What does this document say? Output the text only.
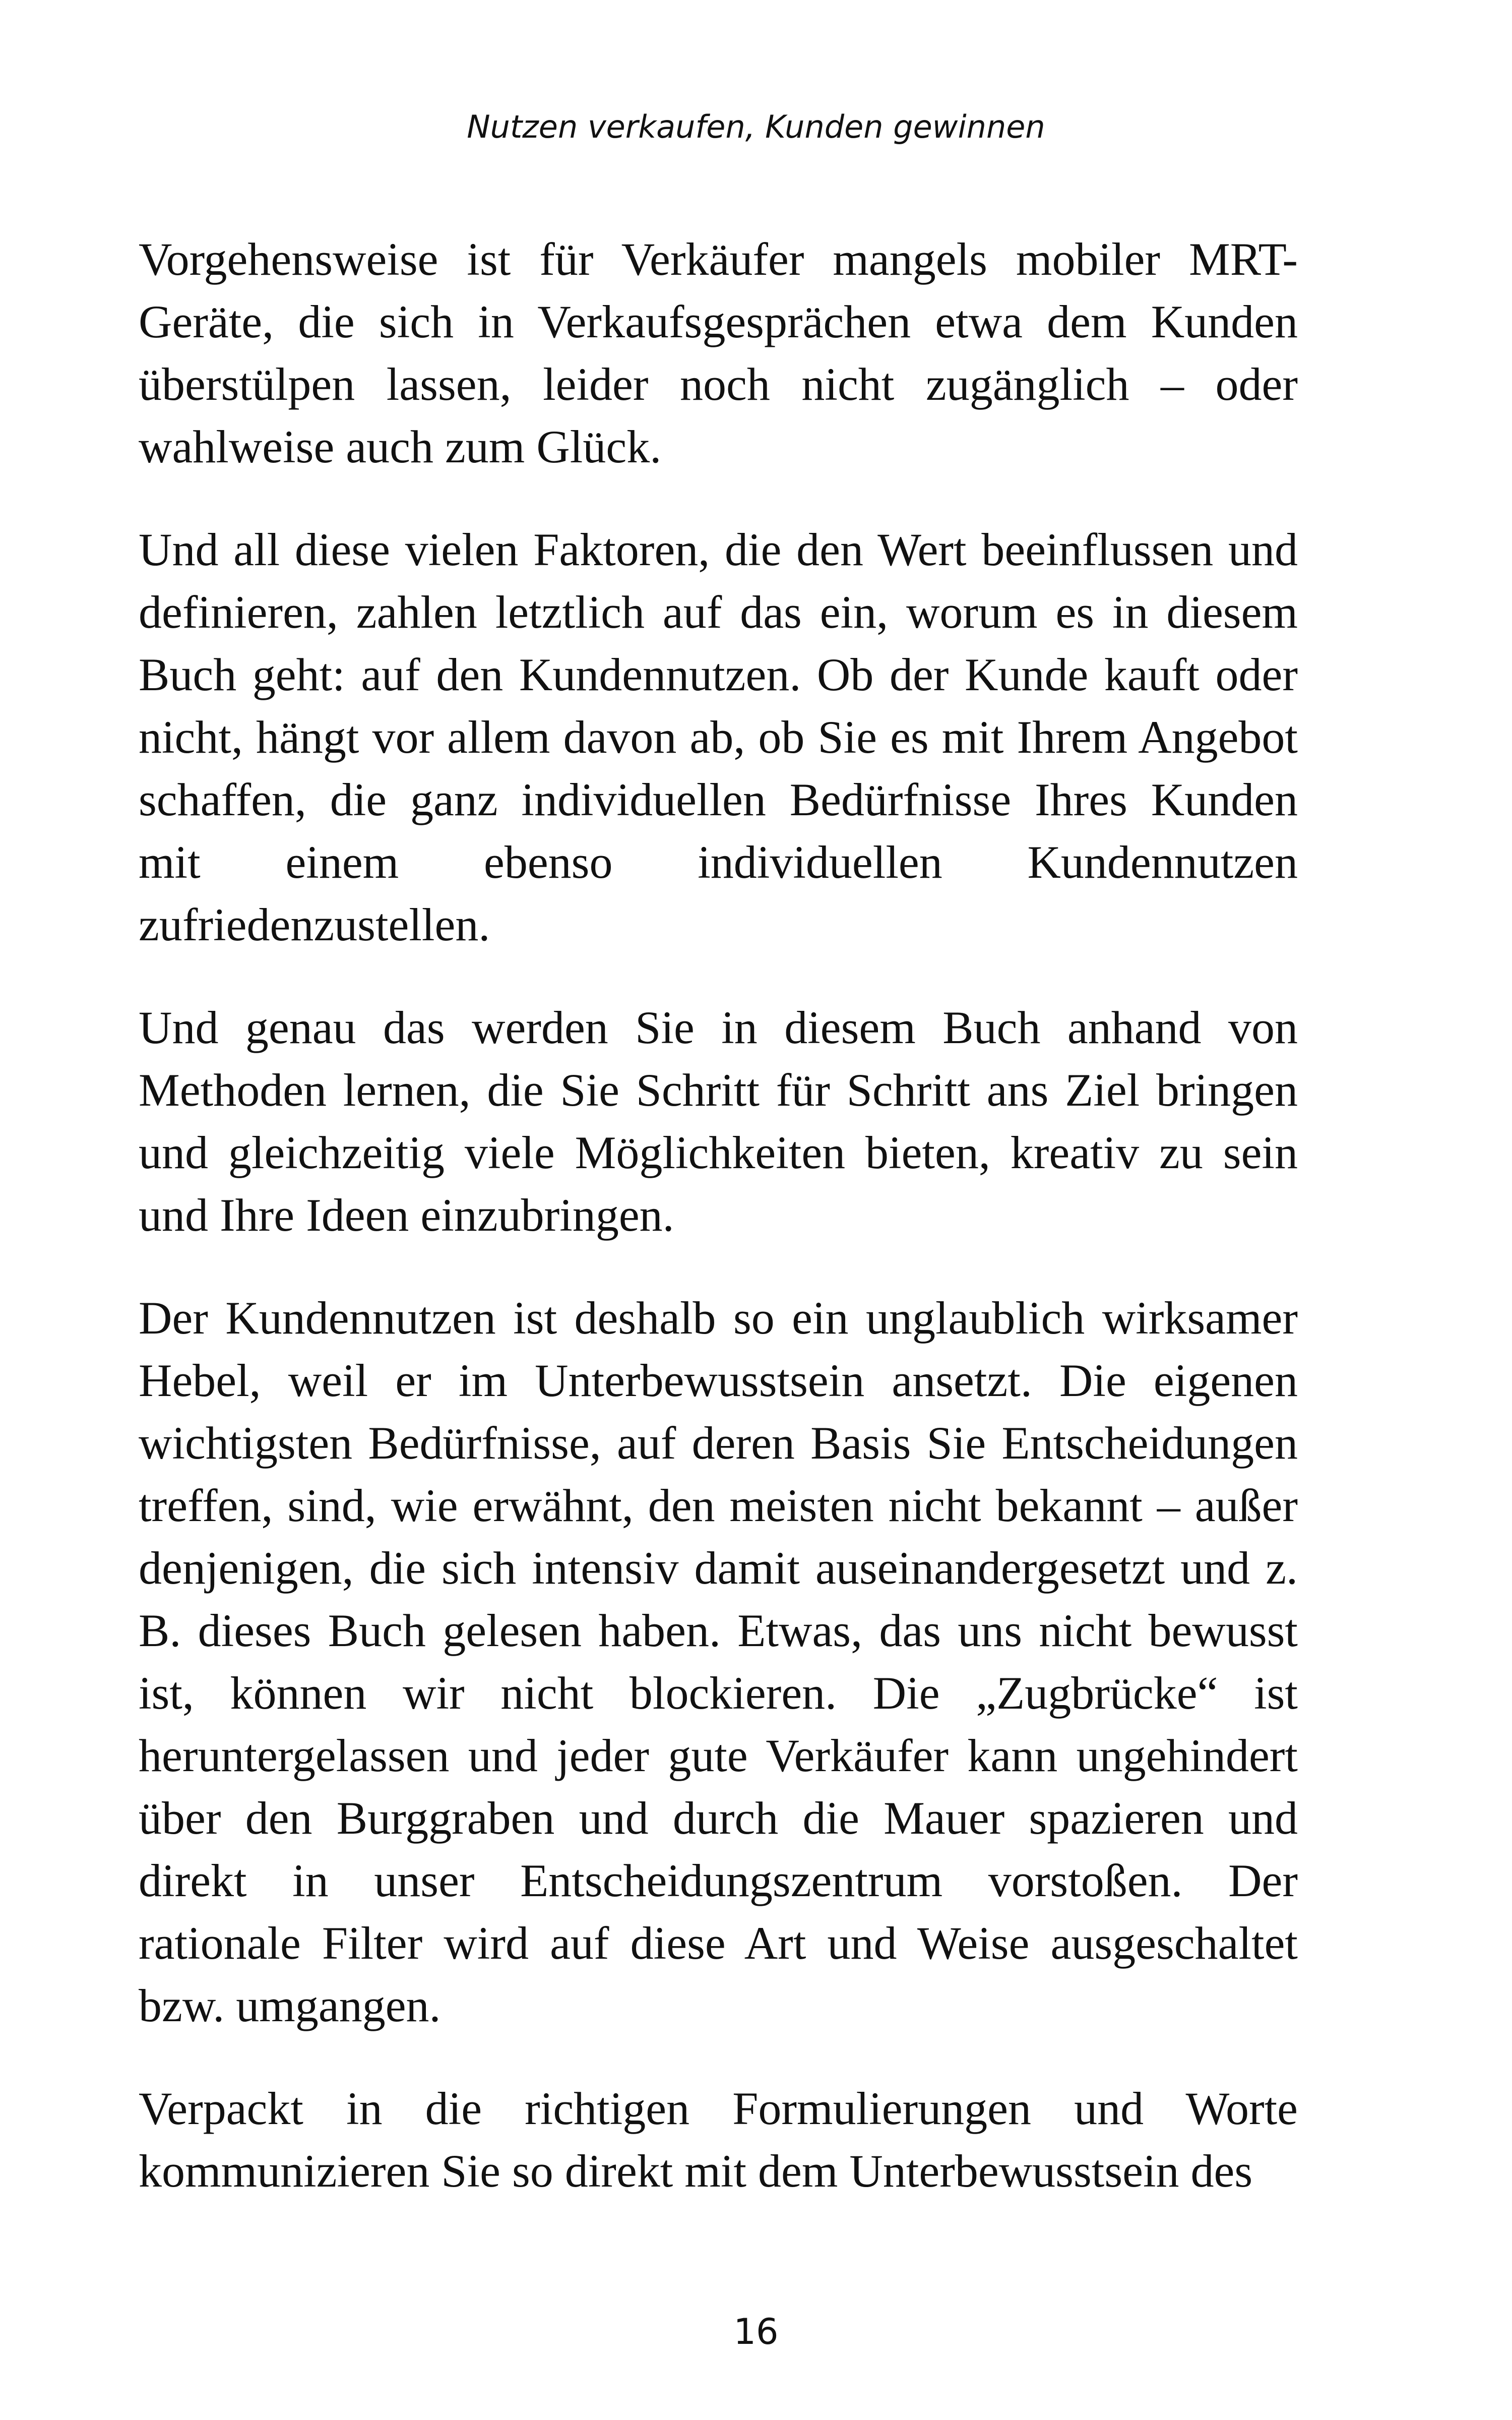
Nutzen verkaufen, Kunden gewinnen

Vorgehensweise ist für Verkäufer mangels mobiler MRT-Geräte, die sich in Verkaufsgesprächen etwa dem Kunden überstülpen lassen, leider noch nicht zugänglich – oder wahlweise auch zum Glück.

Und all diese vielen Faktoren, die den Wert beeinflussen und definieren, zahlen letztlich auf das ein, worum es in diesem Buch geht: auf den Kundennutzen. Ob der Kunde kauft oder nicht, hängt vor allem davon ab, ob Sie es mit Ihrem Angebot schaffen, die ganz individuellen Bedürfnisse Ihres Kunden mit einem ebenso individuellen Kundennutzen zufriedenzustellen.

Und genau das werden Sie in diesem Buch anhand von Methoden lernen, die Sie Schritt für Schritt ans Ziel bringen und gleichzeitig viele Möglichkeiten bieten, kreativ zu sein und Ihre Ideen einzubringen.

Der Kundennutzen ist deshalb so ein unglaublich wirksamer Hebel, weil er im Unterbewusstsein ansetzt. Die eigenen wichtigsten Bedürfnisse, auf deren Basis Sie Entscheidungen treffen, sind, wie erwähnt, den meisten nicht bekannt – außer denjenigen, die sich intensiv damit auseinandergesetzt und z. B. dieses Buch gelesen haben. Etwas, das uns nicht bewusst ist, können wir nicht blockieren. Die „Zugbrücke“ ist heruntergelassen und jeder gute Verkäufer kann ungehindert über den Burggraben und durch die Mauer spazieren und direkt in unser Entscheidungszentrum vorstoßen. Der rationale Filter wird auf diese Art und Weise ausgeschaltet bzw. umgangen.

Verpackt in die richtigen Formulierungen und Worte kommunizieren Sie so direkt mit dem Unterbewusstsein des

16
